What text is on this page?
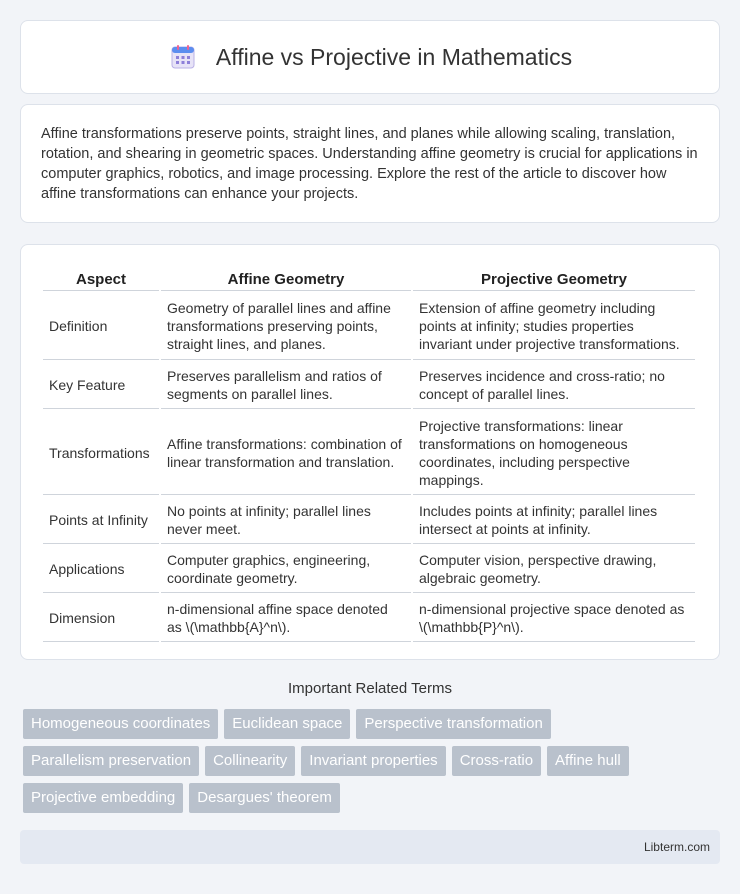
Affine vs Projective in Mathematics

Affine transformations preserve points, straight lines, and planes while allowing scaling, translation, rotation, and shearing in geometric spaces. Understanding affine geometry is crucial for applications in computer graphics, robotics, and image processing. Explore the rest of the article to discover how affine transformations can enhance your projects.

Aspect	Affine Geometry	Projective Geometry
Definition	Geometry of parallel lines and affine transformations preserving points, straight lines, and planes.	Extension of affine geometry including points at infinity; studies properties invariant under projective transformations.
Key Feature	Preserves parallelism and ratios of segments on parallel lines.	Preserves incidence and cross-ratio; no concept of parallel lines.
Transformations	Affine transformations: combination of linear transformation and translation.	Projective transformations: linear transformations on homogeneous coordinates, including perspective mappings.
Points at Infinity	No points at infinity; parallel lines never meet.	Includes points at infinity; parallel lines intersect at points at infinity.
Applications	Computer graphics, engineering, coordinate geometry.	Computer vision, perspective drawing, algebraic geometry.
Dimension	n-dimensional affine space denoted as \(\mathbb{A}^n\).	n-dimensional projective space denoted as \(\mathbb{P}^n\).
Important Related Terms
Homogeneous coordinates	Euclidean space	Perspective transformation
Parallelism preservation	Collinearity	Invariant properties	Cross-ratio	Affine hull
Projective embedding	Desargues' theorem
Libterm.com
